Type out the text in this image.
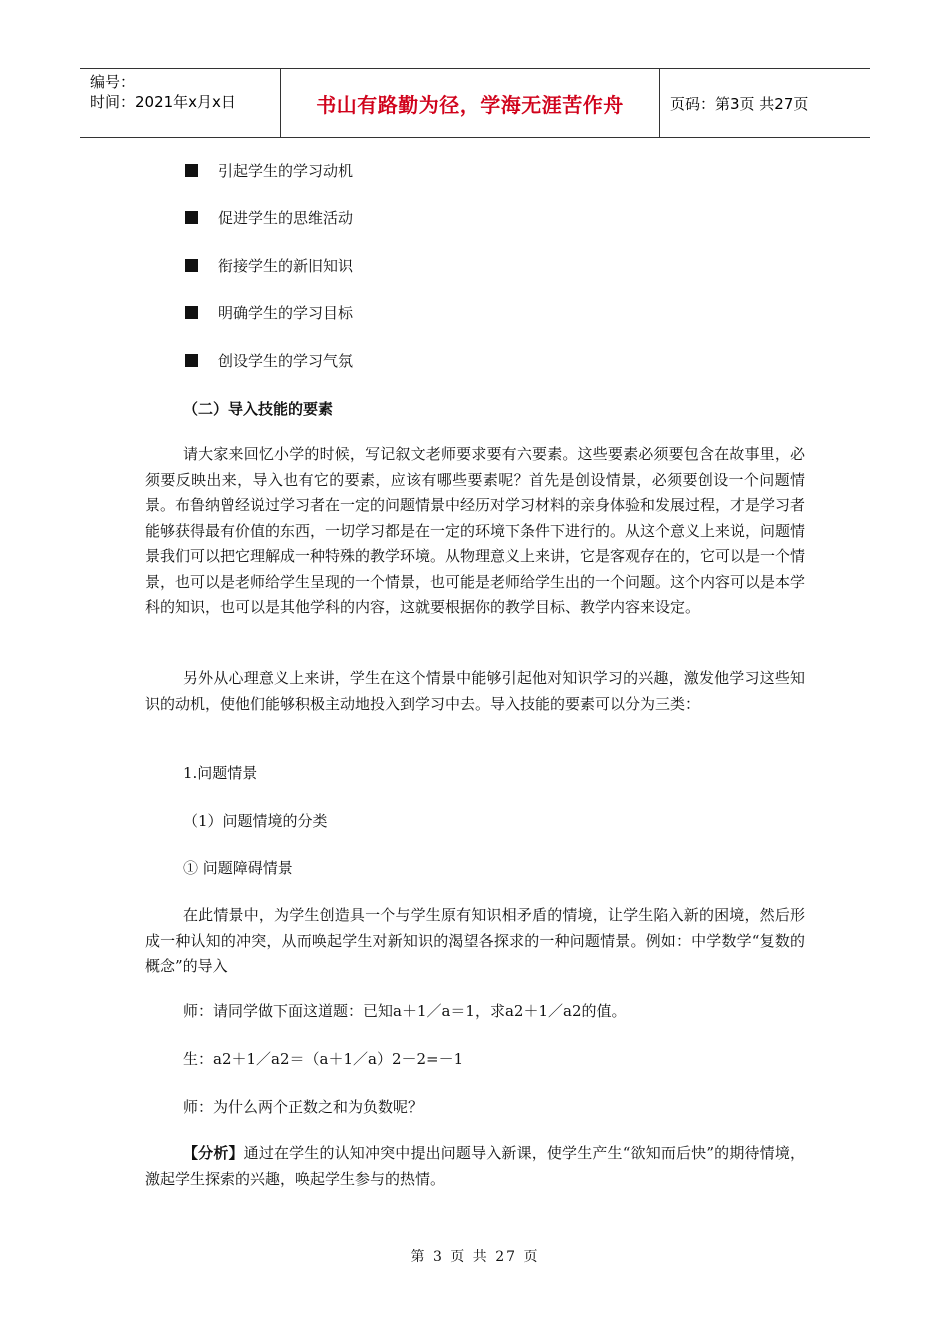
编号：
时间：2021年x月x日	书山有路勤为径，学海无涯苦作舟	页码：第3页 共27页
引起学生的学习动机
促进学生的思维活动
衔接学生的新旧知识
明确学生的学习目标
创设学生的学习气氛
（二）导入技能的要素
请大家来回忆小学的时候，写记叙文老师要求要有六要素。这些要素必须要包含在故事里，必须要反映出来，导入也有它的要素，应该有哪些要素呢？首先是创设情景，必须要创设一个问题情景。布鲁纳曾经说过学习者在一定的问题情景中经历对学习材料的亲身体验和发展过程，才是学习者能够获得最有价值的东西，一切学习都是在一定的环境下条件下进行的。从这个意义上来说，问题情景我们可以把它理解成一种特殊的教学环境。从物理意义上来讲，它是客观存在的，它可以是一个情景，也可以是老师给学生呈现的一个情景，也可能是老师给学生出的一个问题。这个内容可以是本学科的知识，也可以是其他学科的内容，这就要根据你的教学目标、教学内容来设定。
另外从心理意义上来讲，学生在这个情景中能够引起他对知识学习的兴趣，激发他学习这些知识的动机，使他们能够积极主动地投入到学习中去。导入技能的要素可以分为三类：
1.问题情景
（1）问题情境的分类
① 问题障碍情景
在此情景中，为学生创造具一个与学生原有知识相矛盾的情境，让学生陷入新的困境，然后形成一种认知的冲突，从而唤起学生对新知识的渴望各探求的一种问题情景。例如：中学数学“复数的概念”的导入
师：请同学做下面这道题：已知a＋1／a＝1，求a2＋1／a2的值。
生：a2＋1／a2＝（a＋1／a）2－2=－1
师：为什么两个正数之和为负数呢？
【分析】通过在学生的认知冲突中提出问题导入新课，使学生产生“欲知而后快”的期待情境，激起学生探索的兴趣，唤起学生参与的热情。
第 3 页 共 27 页
